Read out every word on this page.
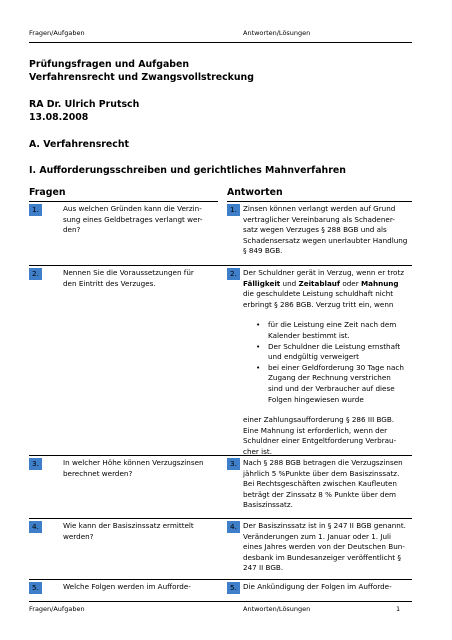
Fragen/Aufgaben	Antworten/Lösungen
Prüfungsfragen und Aufgaben
Verfahrensrecht und Zwangsvollstreckung
RA Dr. Ulrich Prutsch
13.08.2008
A. Verfahrensrecht
I. Aufforderungsschreiben und gerichtliches Mahnverfahren
Fragen	Antworten
1.	Aus welchen Gründen kann die Verzin-
sung eines Geldbetrages verlangt wer-
den?
1. Zinsen können verlangt werden auf Grund
vertraglicher Vereinbarung als Schadener-
satz wegen Verzuges § 288 BGB und als
Schadensersatz wegen unerlaubter Handlung
§ 849 BGB.
2.	Nennen Sie die Voraussetzungen für
den Eintritt des Verzuges.
2. Der Schuldner gerät in Verzug, wenn er trotz
Fälligkeit und Zeitablauf oder Mahnung
die geschuldete Leistung schuldhaft nicht
erbringt § 286 BGB. Verzug tritt ein, wenn
• für die Leistung eine Zeit nach dem
Kalender bestimmt ist.
• Der Schuldner die Leistung ernsthaft
und endgültig verweigert
• bei einer Geldforderung 30 Tage nach
Zugang der Rechnung verstrichen
sind und der Verbraucher auf diese
Folgen hingewiesen wurde
einer Zahlungsaufforderung § 286 III BGB.
Eine Mahnung ist erforderlich, wenn der
Schuldner einer Entgeltforderung Verbrau-
cher ist.
3.	In welcher Höhe können Verzugszinsen
berechnet werden?
3. Nach § 288 BGB betragen die Verzugszinsen
jährlich 5 %Punkte über dem Basiszinssatz.
Bei Rechtsgeschäften zwischen Kaufleuten
beträgt der Zinssatz 8 % Punkte über dem
Basiszinssatz.
4.	Wie kann der Basiszinssatz ermittelt
werden?
4. Der Basiszinssatz ist in § 247 II BGB genannt.
Veränderungen zum 1. Januar oder 1. Juli
eines Jahres werden von der Deutschen Bun-
desbank im Bundesanzeiger veröffentlicht §
247 II BGB.
5.	Welche Folgen werden im Aufforde-	5. Die Ankündigung der Folgen im Aufforde-
Fragen/Aufgaben	Antworten/Lösungen	1
